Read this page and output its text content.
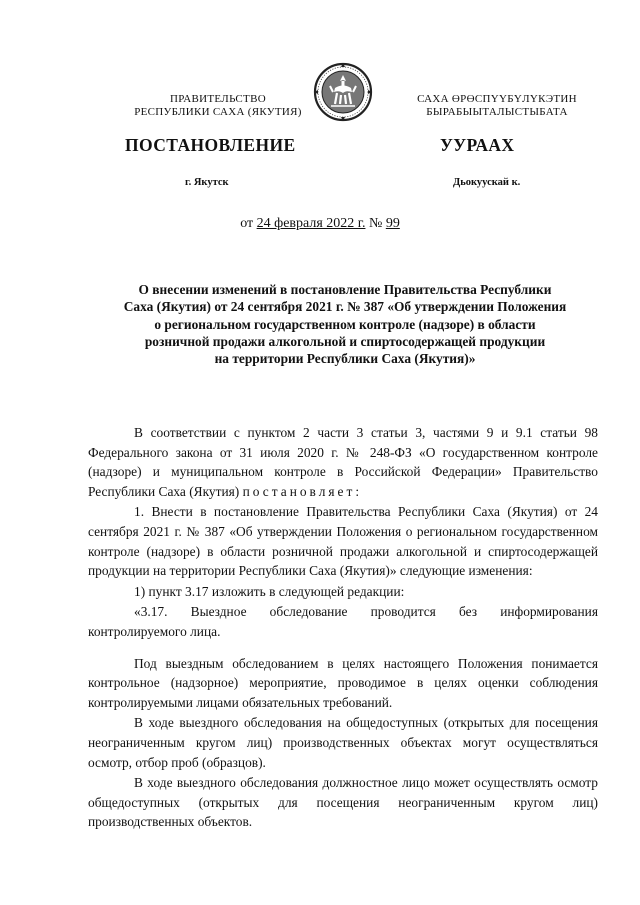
ПРАВИТЕЛЬСТВО
РЕСПУБЛИКИ САХА (ЯКУТИЯ)
САХА ӨРӨСПҮҮБҮЛҮКЭТИН
БЫРАБЫЫТАЛЫСТЫБАТА
ПОСТАНОВЛЕНИЕ	УУРААХ
г. Якутск	Дьокуускай к.
от 24 февраля 2022 г. № 99
О внесении изменений в постановление Правительства Республики
Саха (Якутия) от 24 сентября 2021 г. № 387 «Об утверждении Положения
о региональном государственном контроле (надзоре) в области
розничной продажи алкогольной и спиртосодержащей продукции
на территории Республики Саха (Якутия)»

В соответствии с пунктом 2 части 3 статьи 3, частями 9 и 9.1 статьи 98 Федерального закона от 31 июля 2020 г. № 248-ФЗ «О государственном контроле (надзоре) и муниципальном контроле в Российской Федерации» Правительство Республики Саха (Якутия) постановляет:

1. Внести в постановление Правительства Республики Саха (Якутия) от 24 сентября 2021 г. № 387 «Об утверждении Положения о региональном государственном контроле (надзоре) в области розничной продажи алкогольной и спиртосодержащей продукции на территории Республики Саха (Якутия)» следующие изменения:

1) пункт 3.17 изложить в следующей редакции:

«3.17. Выездное обследование проводится без информирования контролируемого лица.

Под выездным обследованием в целях настоящего Положения понимается контрольное (надзорное) мероприятие, проводимое в целях оценки соблюдения контролируемыми лицами обязательных требований.

В ходе выездного обследования на общедоступных (открытых для посещения неограниченным кругом лиц) производственных объектах могут осуществляться осмотр, отбор проб (образцов).

В ходе выездного обследования должностное лицо может осуществлять осмотр общедоступных (открытых для посещения неограниченным кругом лиц) производственных объектов.
